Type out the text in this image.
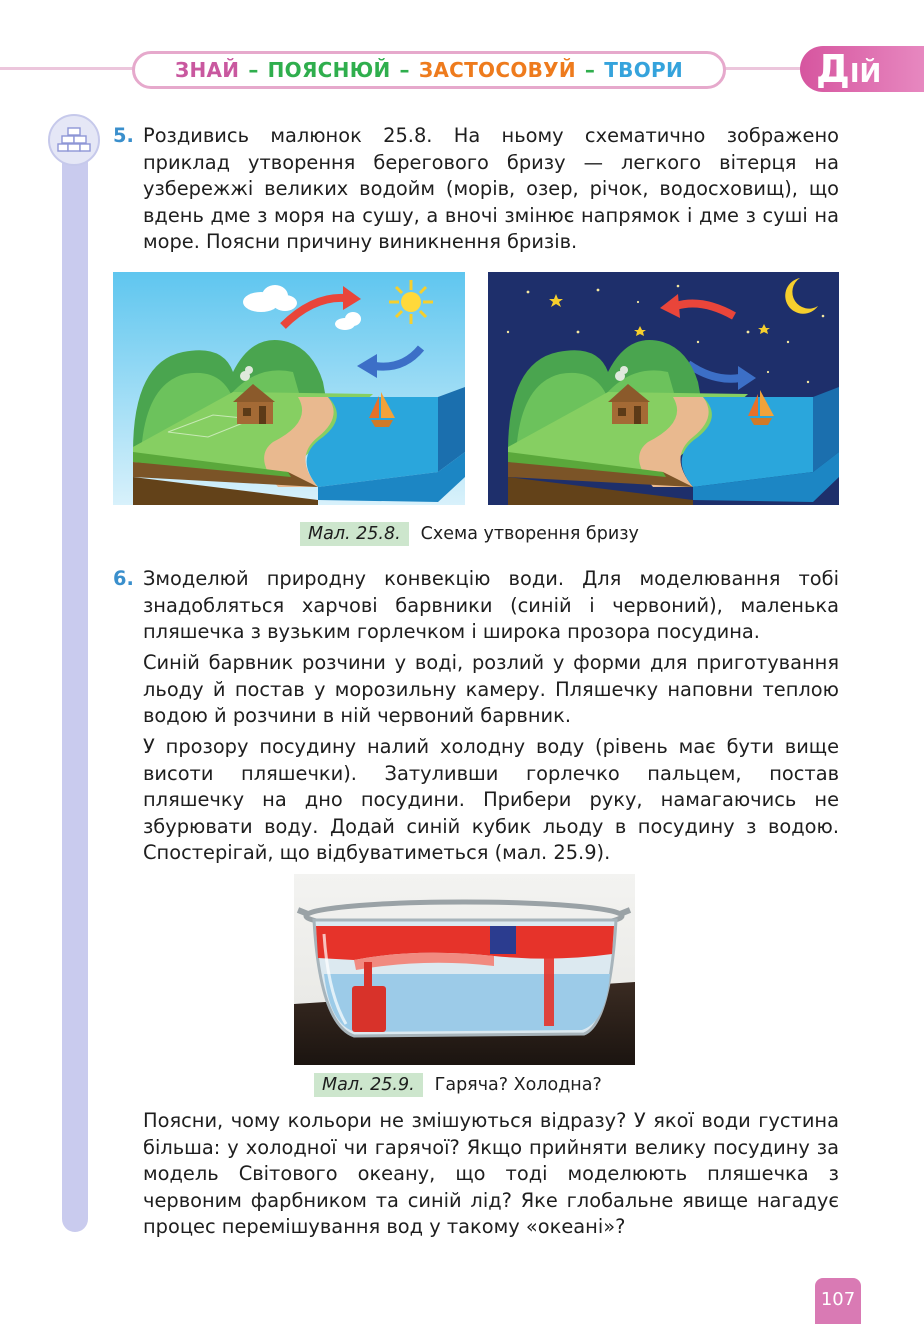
ЗНАЙ – ПОЯСНЮЙ – ЗАСТОСОВУЙ – ТВОРИ	ДІЙ
5. Роздивись малюнок 25.8. На ньому схематично зображено приклад утворення берегового бризу — легкого вітерця на узбережжі великих водойм (морів, озер, річок, водосховищ), що вдень дме з моря на сушу, а вночі змінює напрямок і дме з суші на море. Поясни причину виникнення бризів.
Мал. 25.8.	Схема утворення бризу
6. Змоделюй природну конвекцію води. Для моделювання тобі знадобляться харчові барвники (синій і червоний), маленька пляшечка з вузьким горлечком і широка прозора посудина.
Синій барвник розчини у воді, розлий у форми для приготування льоду й постав у морозильну камеру. Пляшечку наповни теплою водою й розчини в ній червоний барвник.
У прозору посудину налий холодну воду (рівень має бути вище висоти пляшечки). Затуливши горлечко пальцем, постав пляшечку на дно посудини. Прибери руку, намагаючись не збурювати воду. Додай синій кубик льоду в посудину з водою. Спостерігай, що відбуватиметься (мал. 25.9).
Мал. 25.9.	Гаряча? Холодна?
Поясни, чому кольори не змішуються відразу? У якої води густина більша: у холодної чи гарячої? Якщо прийняти велику посудину за модель Світового океану, що тоді моделюють пляшечка з червоним фарбником та синій лід? Яке глобальне явище нагадує процес перемішування вод у такому «океані»?
107
